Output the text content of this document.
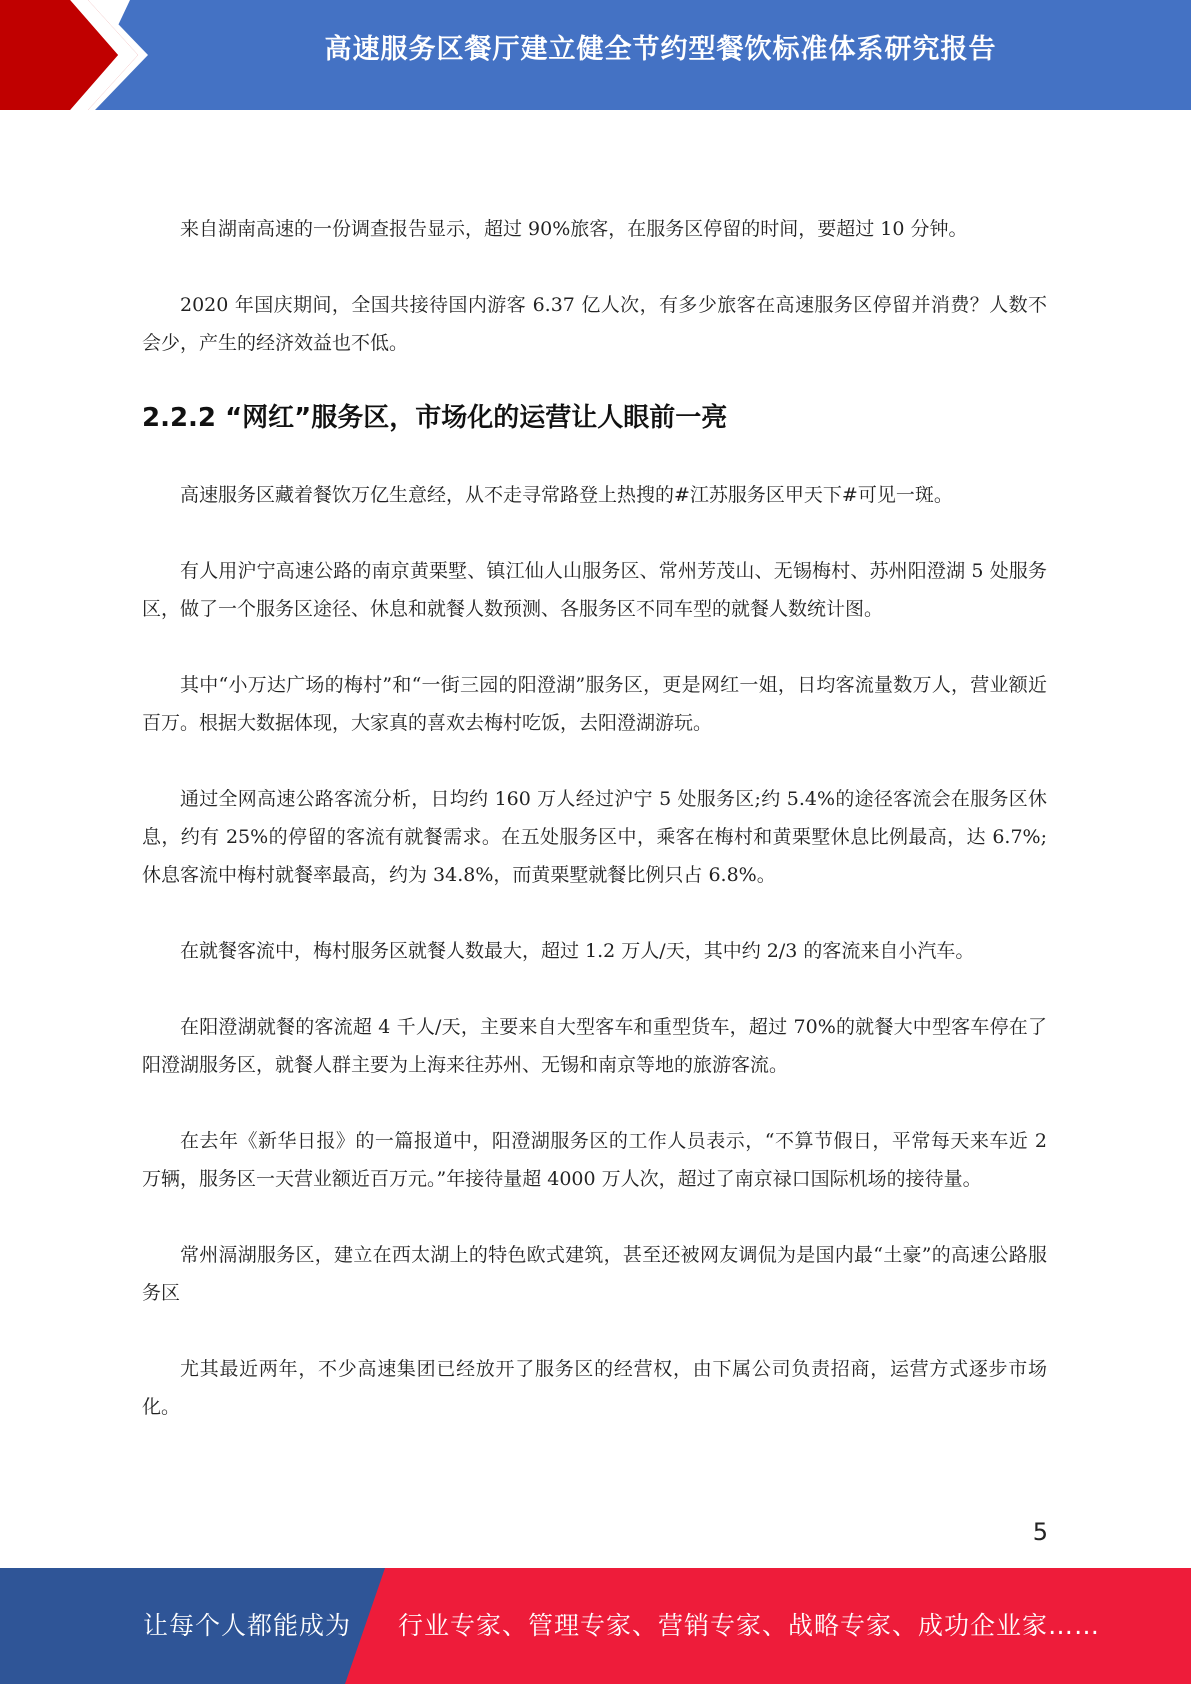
高速服务区餐厅建立健全节约型餐饮标准体系研究报告

来自湖南高速的一份调查报告显示，超过 90%旅客，在服务区停留的时间，要超过 10 分钟。

2020 年国庆期间，全国共接待国内游客 6.37 亿人次，有多少旅客在高速服务区停留并消费？人数不会少，产生的经济效益也不低。

2.2.2 “网红”服务区，市场化的运营让人眼前一亮

高速服务区藏着餐饮万亿生意经，从不走寻常路登上热搜的#江苏服务区甲天下#可见一斑。

有人用沪宁高速公路的南京黄栗墅、镇江仙人山服务区、常州芳茂山、无锡梅村、苏州阳澄湖 5 处服务区，做了一个服务区途径、休息和就餐人数预测、各服务区不同车型的就餐人数统计图。

其中“小万达广场的梅村”和“一街三园的阳澄湖”服务区，更是网红一姐，日均客流量数万人，营业额近百万。根据大数据体现，大家真的喜欢去梅村吃饭，去阳澄湖游玩。

通过全网高速公路客流分析，日均约 160 万人经过沪宁 5 处服务区;约 5.4%的途径客流会在服务区休息，约有 25%的停留的客流有就餐需求。在五处服务区中，乘客在梅村和黄栗墅休息比例最高，达 6.7%;休息客流中梅村就餐率最高，约为 34.8%，而黄栗墅就餐比例只占 6.8%。

在就餐客流中，梅村服务区就餐人数最大，超过 1.2 万人/天，其中约 2/3 的客流来自小汽车。

在阳澄湖就餐的客流超 4 千人/天，主要来自大型客车和重型货车，超过 70%的就餐大中型客车停在了阳澄湖服务区，就餐人群主要为上海来往苏州、无锡和南京等地的旅游客流。

在去年《新华日报》的一篇报道中，阳澄湖服务区的工作人员表示，“不算节假日，平常每天来车近 2 万辆，服务区一天营业额近百万元。”年接待量超 4000 万人次，超过了南京禄口国际机场的接待量。

常州滆湖服务区，建立在西太湖上的特色欧式建筑，甚至还被网友调侃为是国内最“土豪”的高速公路服务区

尤其最近两年，不少高速集团已经放开了服务区的经营权，由下属公司负责招商，运营方式逐步市场化。

5
让每个人都能成为 行业专家、管理专家、营销专家、战略专家、成功企业家……
